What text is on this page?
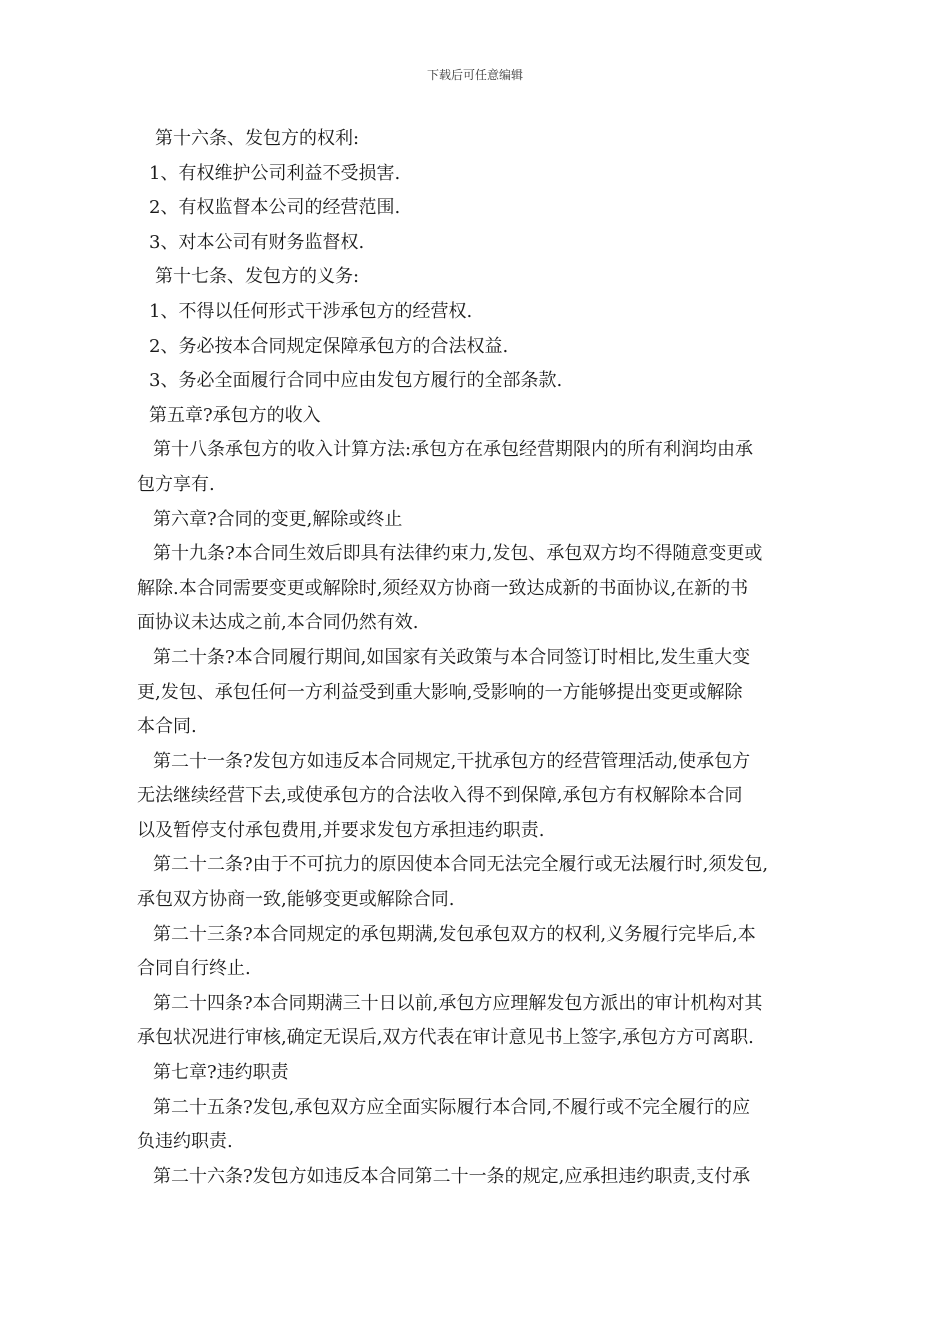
下载后可任意编辑
第十六条、发包方的权利:
1、有权维护公司利益不受损害.
2、有权监督本公司的经营范围.
3、对本公司有财务监督权.
第十七条、发包方的义务:
1、不得以任何形式干涉承包方的经营权.
2、务必按本合同规定保障承包方的合法权益.
3、务必全面履行合同中应由发包方履行的全部条款.
第五章?承包方的收入
第十八条承包方的收入计算方法:承包方在承包经营期限内的所有利润均由承
包方享有.
第六章?合同的变更,解除或终止
第十九条?本合同生效后即具有法律约束力,发包、承包双方均不得随意变更或
解除.本合同需要变更或解除时,须经双方协商一致达成新的书面协议,在新的书
面协议未达成之前,本合同仍然有效.
第二十条?本合同履行期间,如国家有关政策与本合同签订时相比,发生重大变
更,发包、承包任何一方利益受到重大影响,受影响的一方能够提出变更或解除
本合同.
第二十一条?发包方如违反本合同规定,干扰承包方的经营管理活动,使承包方
无法继续经营下去,或使承包方的合法收入得不到保障,承包方有权解除本合同
以及暂停支付承包费用,并要求发包方承担违约职责.
第二十二条?由于不可抗力的原因使本合同无法完全履行或无法履行时,须发包,
承包双方协商一致,能够变更或解除合同.
第二十三条?本合同规定的承包期满,发包承包双方的权利,义务履行完毕后,本
合同自行终止.
第二十四条?本合同期满三十日以前,承包方应理解发包方派出的审计机构对其
承包状况进行审核,确定无误后,双方代表在审计意见书上签字,承包方方可离职.
第七章?违约职责
第二十五条?发包,承包双方应全面实际履行本合同,不履行或不完全履行的应
负违约职责.
第二十六条?发包方如违反本合同第二十一条的规定,应承担违约职责,支付承
